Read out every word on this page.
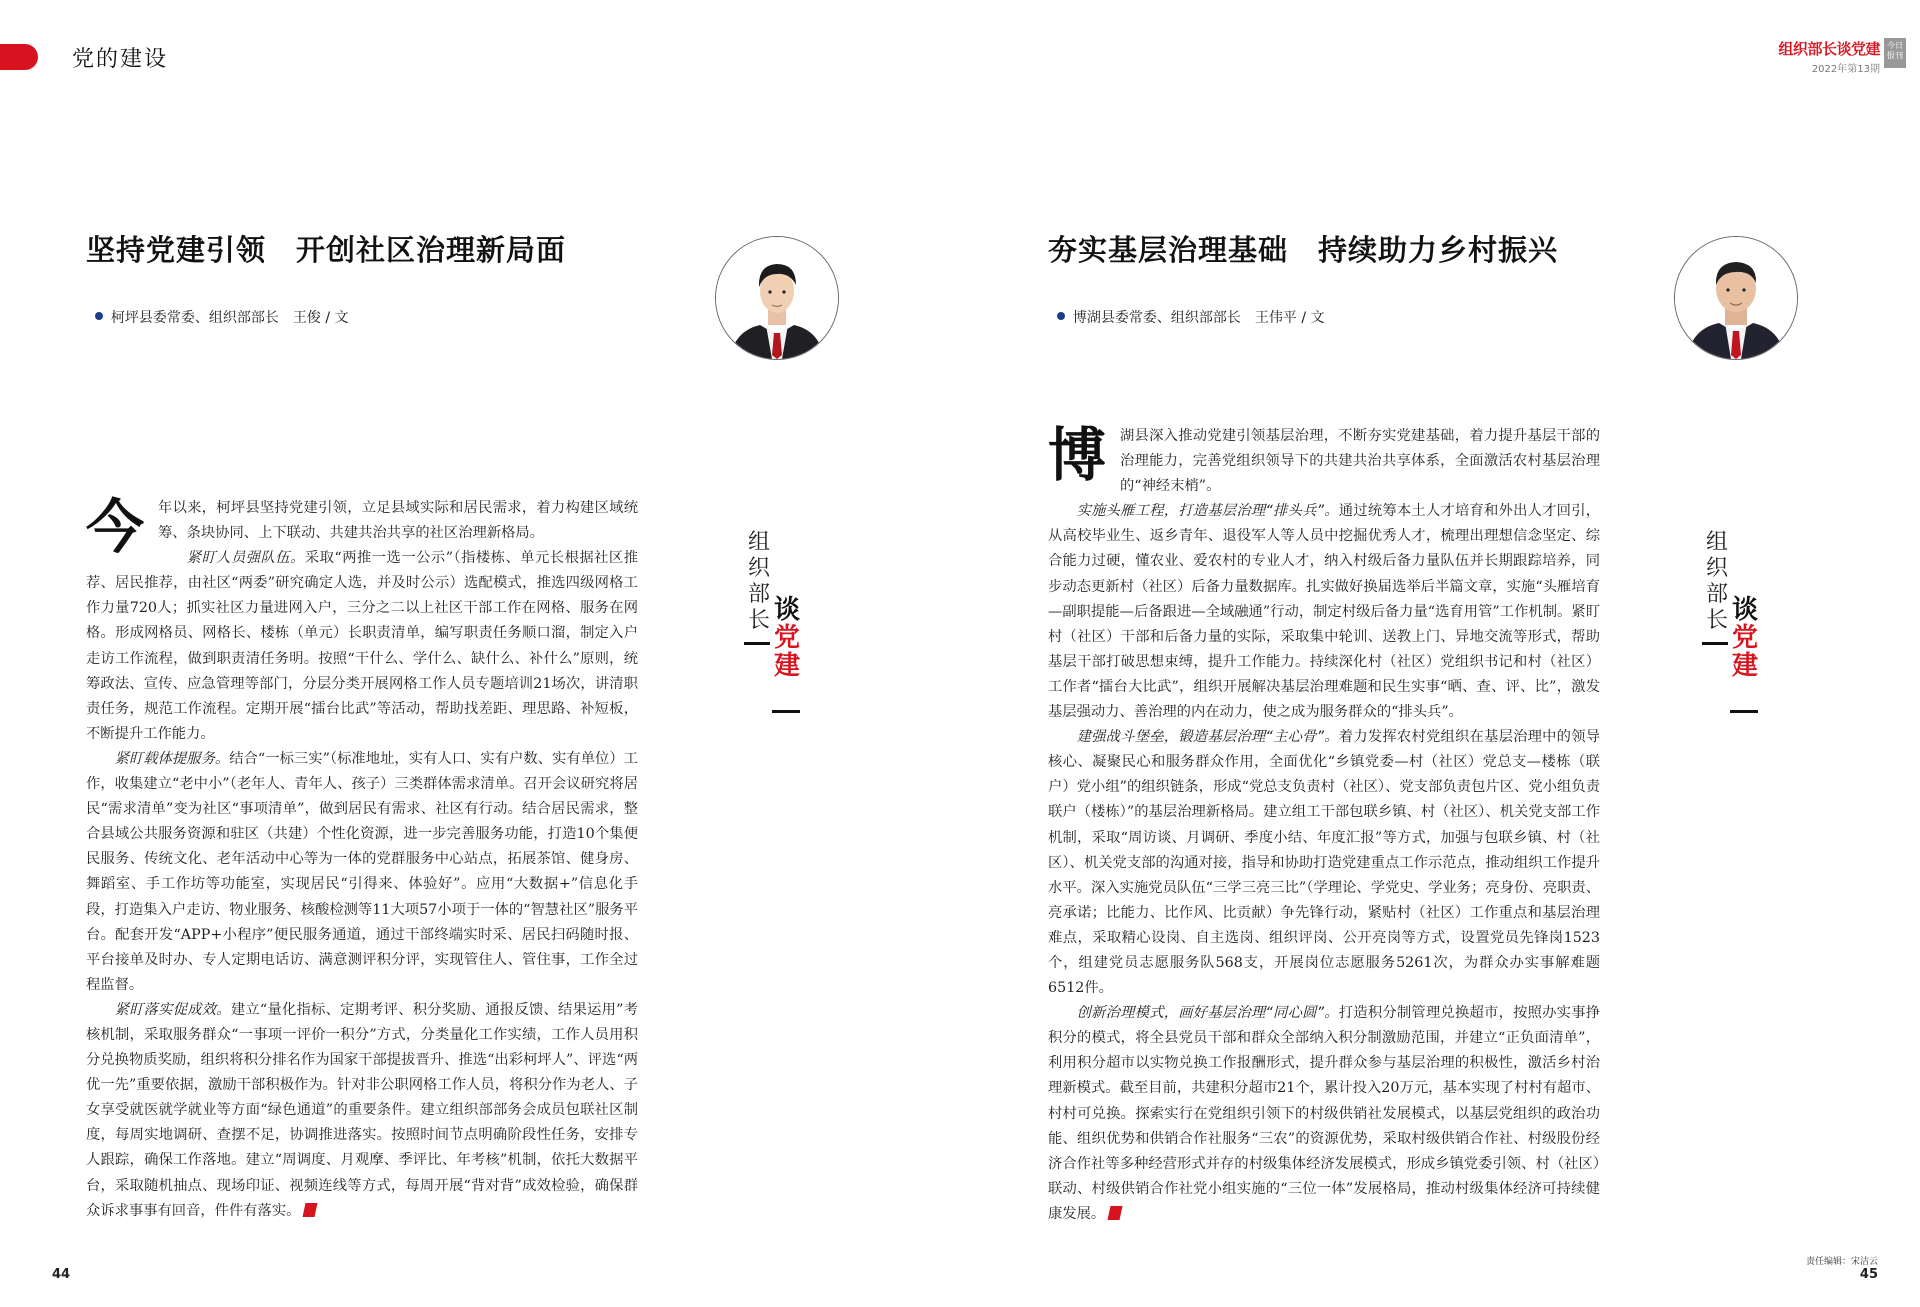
党的建设	组织部长谈党建
2022年第13期
今日
报刊
坚持党建引领　开创社区治理新局面

柯坪县委常委、组织部部长　王俊 / 文

今年以来，柯坪县坚持党建引领，立足县域实际和居民需求，着力构建区域统筹、条块协同、上下联动、共建共治共享的社区治理新格局。

紧盯人员强队伍。采取“两推一选一公示”（指楼栋、单元长根据社区推荐、居民推荐，由社区“两委”研究确定人选，并及时公示）选配模式，推选四级网格工作力量720人；抓实社区力量进网入户，三分之二以上社区干部工作在网格、服务在网格。形成网格员、网格长、楼栋（单元）长职责清单，编写职责任务顺口溜，制定入户走访工作流程，做到职责清任务明。按照“干什么、学什么、缺什么、补什么”原则，统筹政法、宣传、应急管理等部门，分层分类开展网格工作人员专题培训21场次，讲清职责任务，规范工作流程。定期开展“擂台比武”等活动，帮助找差距、理思路、补短板，不断提升工作能力。

紧盯载体提服务。结合“一标三实”（标准地址，实有人口、实有户数、实有单位）工作，收集建立“老中小”（老年人、青年人、孩子）三类群体需求清单。召开会议研究将居民“需求清单”变为社区“事项清单”，做到居民有需求、社区有行动。结合居民需求，整合县域公共服务资源和驻区（共建）个性化资源，进一步完善服务功能，打造10个集便民服务、传统文化、老年活动中心等为一体的党群服务中心站点，拓展茶馆、健身房、舞蹈室、手工作坊等功能室，实现居民“引得来、体验好”。应用“大数据+”信息化手段，打造集入户走访、物业服务、核酸检测等11大项57小项于一体的“智慧社区”服务平台。配套开发“APP+小程序”便民服务通道，通过干部终端实时采、居民扫码随时报、平台接单及时办、专人定期电话访、满意测评积分评，实现管住人、管住事，工作全过程监督。

紧盯落实促成效。建立“量化指标、定期考评、积分奖励、通报反馈、结果运用”考核机制，采取服务群众“一事项一评价一积分”方式，分类量化工作实绩，工作人员用积分兑换物质奖励，组织将积分排名作为国家干部提拔晋升、推选“出彩柯坪人”、评选“两优一先”重要依据，激励干部积极作为。针对非公职网格工作人员，将积分作为老人、子女享受就医就学就业等方面“绿色通道”的重要条件。建立组织部部务会成员包联社区制度，每周实地调研、查摆不足，协调推进落实。按照时间节点明确阶段性任务，安排专人跟踪，确保工作落地。建立“周调度、月观摩、季评比、年考核”机制，依托大数据平台，采取随机抽点、现场印证、视频连线等方式，每周开展“背对背”成效检验，确保群众诉求事事有回音，件件有落实。

组
织
部
长 谈
党
建
夯实基层治理基础　持续助力乡村振兴

博湖县委常委、组织部部长　王伟平 / 文

博湖县深入推动党建引领基层治理，不断夯实党建基础，着力提升基层干部的治理能力，完善党组织领导下的共建共治共享体系，全面激活农村基层治理的“神经末梢”。

实施头雁工程，打造基层治理“排头兵”。通过统筹本土人才培育和外出人才回引，从高校毕业生、返乡青年、退役军人等人员中挖掘优秀人才，梳理出理想信念坚定、综合能力过硬，懂农业、爱农村的专业人才，纳入村级后备力量队伍并长期跟踪培养，同步动态更新村（社区）后备力量数据库。扎实做好换届选举后半篇文章，实施“头雁培育—副职提能—后备跟进—全域融通”行动，制定村级后备力量“选育用管”工作机制。紧盯村（社区）干部和后备力量的实际，采取集中轮训、送教上门、异地交流等形式，帮助基层干部打破思想束缚，提升工作能力。持续深化村（社区）党组织书记和村（社区）工作者“擂台大比武”，组织开展解决基层治理难题和民生实事“晒、查、评、比”，激发基层强动力、善治理的内在动力，使之成为服务群众的“排头兵”。

建强战斗堡垒，锻造基层治理“主心骨”。着力发挥农村党组织在基层治理中的领导核心、凝聚民心和服务群众作用，全面优化“乡镇党委—村（社区）党总支—楼栋（联户）党小组”的组织链条，形成“党总支负责村（社区）、党支部负责包片区、党小组负责联户（楼栋）”的基层治理新格局。建立组工干部包联乡镇、村（社区）、机关党支部工作机制，采取“周访谈、月调研、季度小结、年度汇报”等方式，加强与包联乡镇、村（社区）、机关党支部的沟通对接，指导和协助打造党建重点工作示范点，推动组织工作提升水平。深入实施党员队伍“三学三亮三比”（学理论、学党史、学业务；亮身份、亮职责、亮承诺；比能力、比作风、比贡献）争先锋行动，紧贴村（社区）工作重点和基层治理难点，采取精心设岗、自主选岗、组织评岗、公开亮岗等方式，设置党员先锋岗1523个，组建党员志愿服务队568支，开展岗位志愿服务5261次，为群众办实事解难题6512件。

创新治理模式，画好基层治理“同心圆”。打造积分制管理兑换超市，按照办实事挣积分的模式，将全县党员干部和群众全部纳入积分制激励范围，并建立“正负面清单”，利用积分超市以实物兑换工作报酬形式，提升群众参与基层治理的积极性，激活乡村治理新模式。截至目前，共建积分超市21个，累计投入20万元，基本实现了村村有超市、村村可兑换。探索实行在党组织引领下的村级供销社发展模式，以基层党组织的政治功能、组织优势和供销合作社服务“三农”的资源优势，采取村级供销合作社、村级股份经济合作社等多种经营形式并存的村级集体经济发展模式，形成乡镇党委引领、村（社区）联动、村级供销合作社党小组实施的“三位一体”发展格局，推动村级集体经济可持续健康发展。

组
织
部
长 谈
党
建
44
责任编辑：宋洁云
45
